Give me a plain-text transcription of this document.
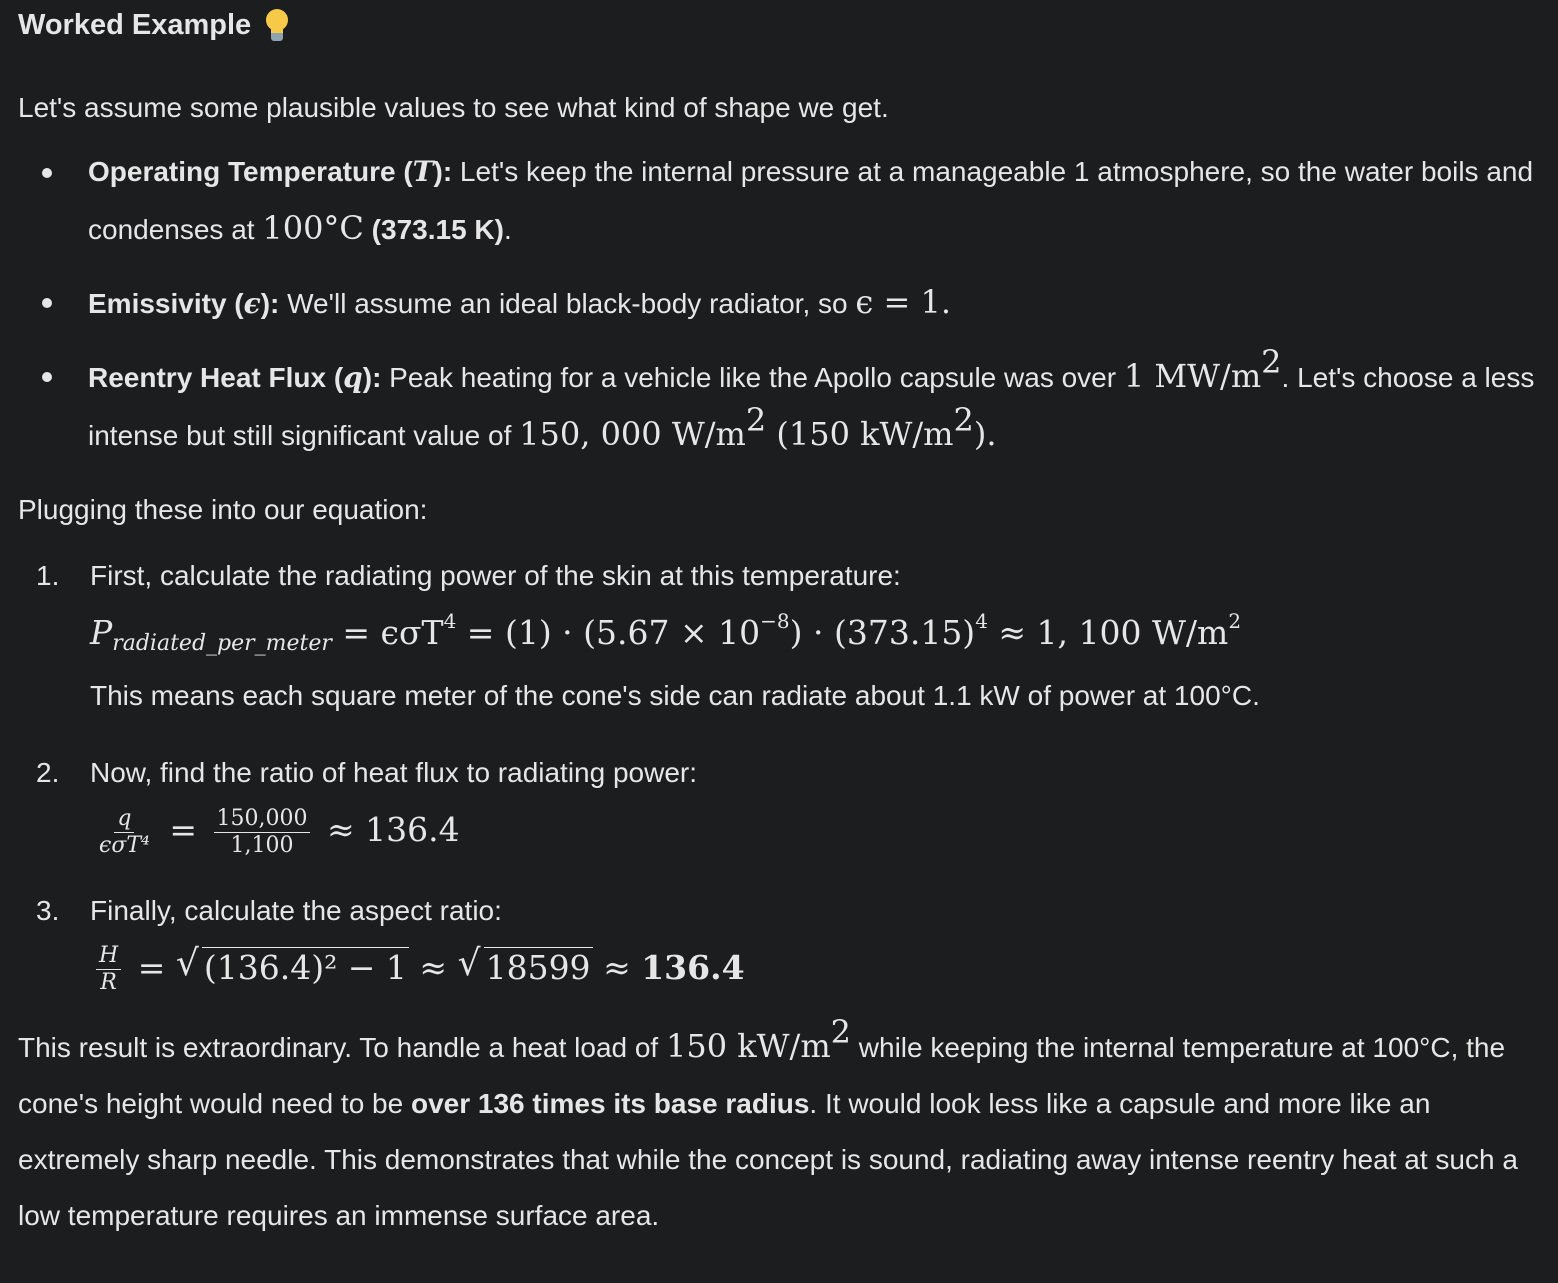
Worked Example

Let's assume some plausible values to see what kind of shape we get.

Operating Temperature (T): Let's keep the internal pressure at a manageable 1 atmosphere, so the water boils and condenses at 100°C (373.15 K).
Emissivity (ϵ): We'll assume an ideal black-body radiator, so ϵ = 1.
Reentry Heat Flux (q): Peak heating for a vehicle like the Apollo capsule was over 1 $MW/m^2$. Let's choose a less intense but still significant value of 150, 000 $W/m^2$ (150 $kW/m^2$).

Plugging these into our equation:

1. First, calculate the radiating power of the skin at this temperature:
$P_{radiated\_per\_meter} = \epsilon\sigma T^4 = (1) \cdot (5.67 \times 10^{-8}) \cdot (373.15)^4 \approx 1$, 100 $W/m^2$
This means each square meter of the cone's side can radiate about 1.1 kW of power at 100°C.
2. Now, find the ratio of heat flux to radiating power:
$\frac{q}{\text{ϵσT⁴}} = \frac{150,000}{1,100} \approx 136.4$
3. Finally, calculate the aspect ratio:
$\frac{H}{R}$ = √ (136.4)² − 1 ≈ √ 18599 ≈ 136.4

This result is extraordinary. To handle a heat load of 150 $kW/m^2$ while keeping the internal temperature at 100°C, the cone's height would need to be over 136 times its base radius. It would look less like a capsule and more like an extremely sharp needle. This demonstrates that while the concept is sound, radiating away intense reentry heat at such a low temperature requires an immense surface area.
